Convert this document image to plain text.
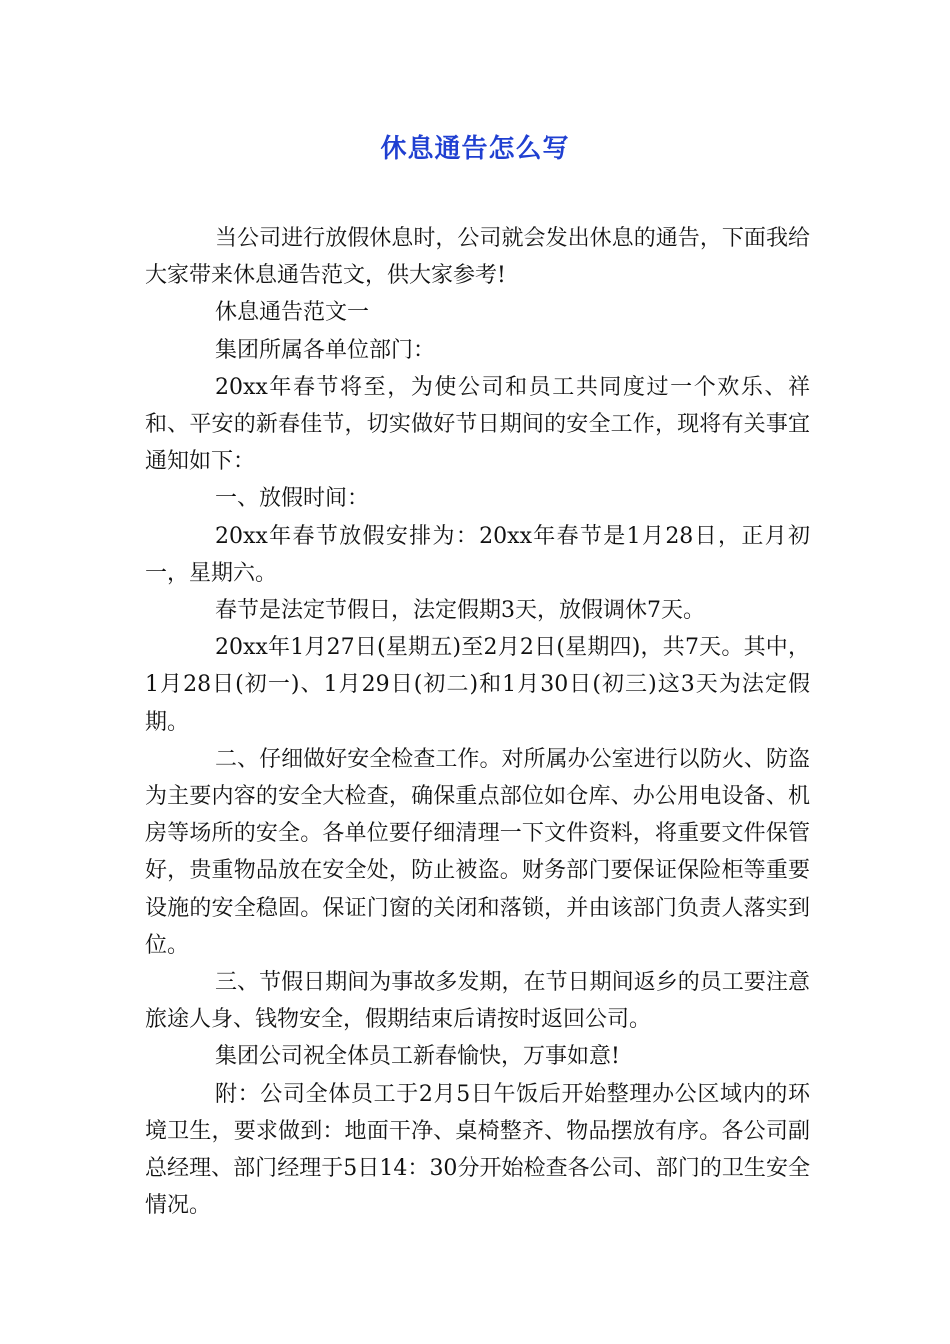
休息通告怎么写

当公司进行放假休息时，公司就会发出休息的通告，下面我给大家带来休息通告范文，供大家参考!

休息通告范文一

集团所属各单位部门：

20xx年春节将至，为使公司和员工共同度过一个欢乐、祥和、平安的新春佳节，切实做好节日期间的安全工作，现将有关事宜通知如下：

一、放假时间：

20xx年春节放假安排为：20xx年春节是1月28日，正月初一，星期六。

春节是法定节假日，法定假期3天，放假调休7天。

20xx年1月27日(星期五)至2月2日(星期四)，共7天。其中，1月28日(初一)、1月29日(初二)和1月30日(初三)这3天为法定假期。

二、仔细做好安全检查工作。对所属办公室进行以防火、防盗为主要内容的安全大检查，确保重点部位如仓库、办公用电设备、机房等场所的安全。各单位要仔细清理一下文件资料，将重要文件保管好，贵重物品放在安全处，防止被盗。财务部门要保证保险柜等重要设施的安全稳固。保证门窗的关闭和落锁，并由该部门负责人落实到位。

三、节假日期间为事故多发期，在节日期间返乡的员工要注意旅途人身、钱物安全，假期结束后请按时返回公司。

集团公司祝全体员工新春愉快，万事如意!

附：公司全体员工于2月5日午饭后开始整理办公区域内的环境卫生，要求做到：地面干净、桌椅整齐、物品摆放有序。各公司副总经理、部门经理于5日14：30分开始检查各公司、部门的卫生安全情况。
